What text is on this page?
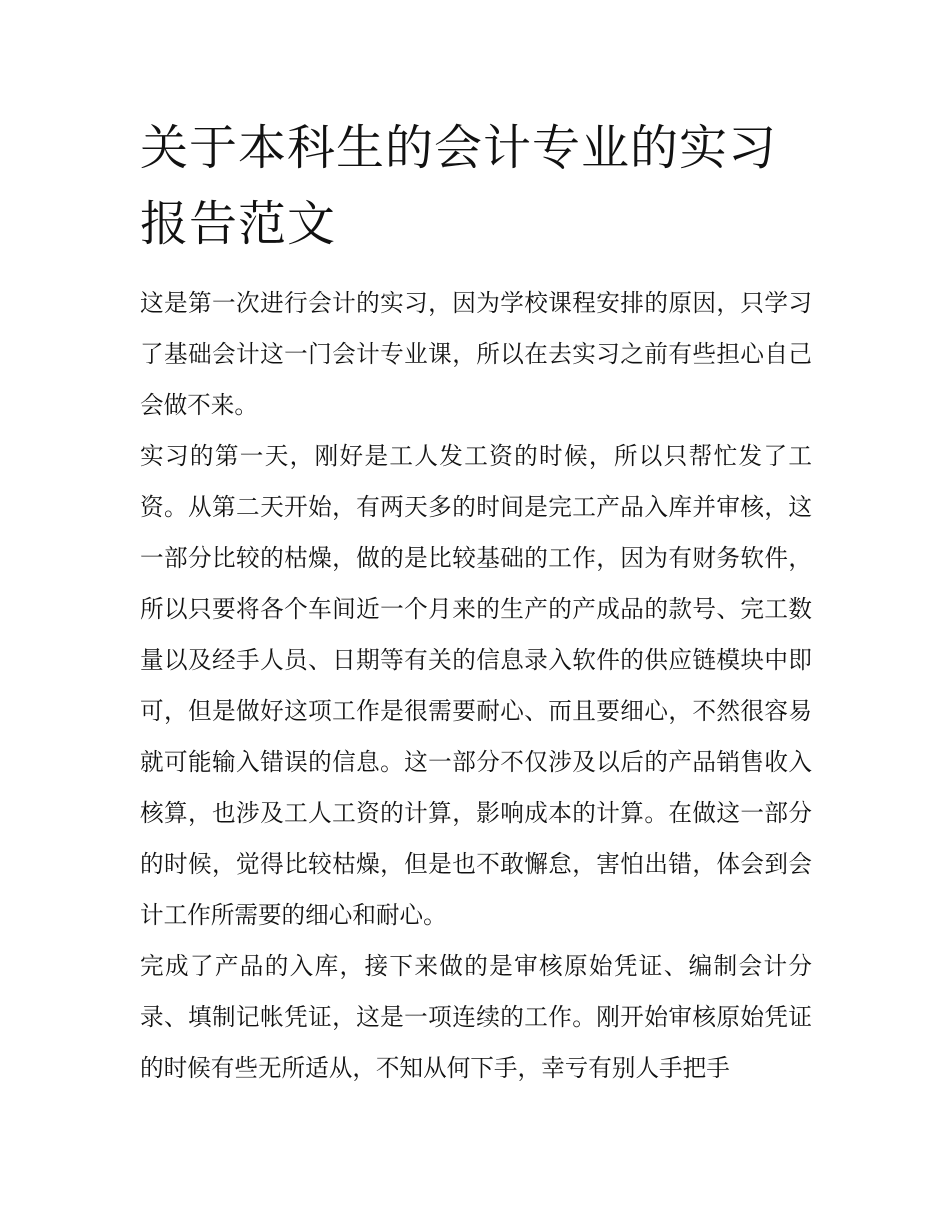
关于本科生的会计专业的实习报告范文

这是第一次进行会计的实习，因为学校课程安排的原因，只学习了基础会计这一门会计专业课，所以在去实习之前有些担心自己会做不来。

实习的第一天，刚好是工人发工资的时候，所以只帮忙发了工资。从第二天开始，有两天多的时间是完工产品入库并审核，这一部分比较的枯燥，做的是比较基础的工作，因为有财务软件，所以只要将各个车间近一个月来的生产的产成品的款号、完工数量以及经手人员、日期等有关的信息录入软件的供应链模块中即可，但是做好这项工作是很需要耐心、而且要细心，不然很容易就可能输入错误的信息。这一部分不仅涉及以后的产品销售收入核算，也涉及工人工资的计算，影响成本的计算。在做这一部分的时候，觉得比较枯燥，但是也不敢懈怠，害怕出错，体会到会计工作所需要的细心和耐心。

完成了产品的入库，接下来做的是审核原始凭证、编制会计分录、填制记帐凭证，这是一项连续的工作。刚开始审核原始凭证的时候有些无所适从，不知从何下手，幸亏有别人手把手
